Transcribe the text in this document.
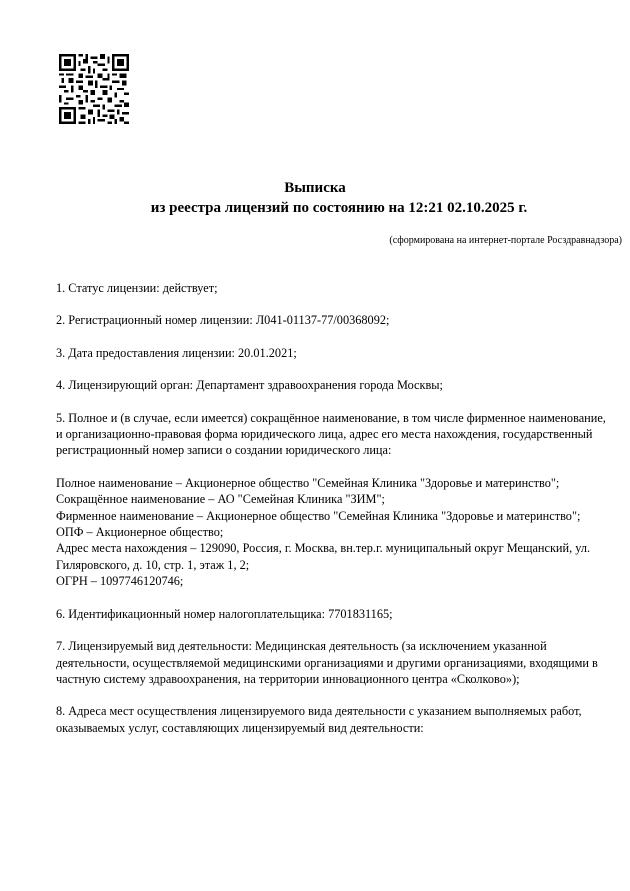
Выписка
из реестра лицензий по состоянию на 12:21 02.10.2025 г.
(сформирована на интернет-портале Росздравнадзора)

1. Статус лицензии: действует;

2. Регистрационный номер лицензии: Л041-01137-77/00368092;

3. Дата предоставления лицензии: 20.01.2021;

4. Лицензирующий орган: Департамент здравоохранения города Москвы;

5. Полное и (в случае, если имеется) сокращённое наименование, в том числе фирменное наименование, и организационно-правовая форма юридического лица, адрес его места нахождения, государственный регистрационный номер записи о создании юридического лица:

Полное наименование – Акционерное общество "Семейная Клиника "Здоровье и материнство";
Сокращённое наименование – АО "Семейная Клиника "ЗИМ";
Фирменное наименование – Акционерное общество "Семейная Клиника "Здоровье и материнство";
ОПФ – Акционерное общество;
Адрес места нахождения – 129090, Россия, г. Москва, вн.тер.г. муниципальный округ Мещанский, ул. Гиляровского, д. 10, стр. 1, этаж 1, 2;
ОГРН – 1097746120746;

6. Идентификационный номер налогоплательщика: 7701831165;

7. Лицензируемый вид деятельности: Медицинская деятельность (за исключением указанной деятельности, осуществляемой медицинскими организациями и другими организациями, входящими в частную систему здравоохранения, на территории инновационного центра «Сколково»);

8. Адреса мест осуществления лицензируемого вида деятельности с указанием выполняемых работ, оказываемых услуг, составляющих лицензируемый вид деятельности:
